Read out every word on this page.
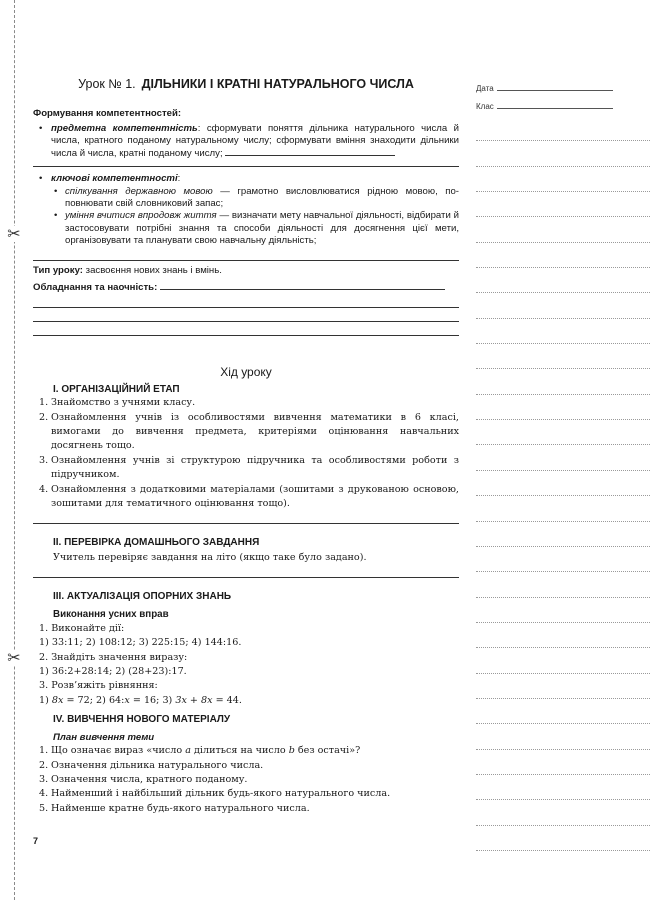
✂
✂
Урок № 1. ДІЛЬНИКИ І КРАТНІ НАТУРАЛЬНОГО ЧИСЛА
Формування компетентностей:
• предметна компетентність: сформувати поняття дільника натурального числа й числа, кратного поданому натуральному числу; сформувати вміння знаходити дільники числа й числа, кратні поданому числу;
• ключові компетентності:
• спілкування державною мовою — грамотно висловлюватися рідною мовою, поповнювати свій словниковий запас;
• уміння вчитися впродовж життя — визначати мету навчальної діяльності, відбирати й застосовувати потрібні знання та способи діяльності для досягнення цієї мети, організовувати та планувати свою навчальну діяльність;
Тип уроку: засвоєння нових знань і вмінь.
Обладнання та наочність:
Хід уроку
I. ОРГАНІЗАЦІЙНИЙ ЕТАП
1. Знайомство з учнями класу.
2. Ознайомлення учнів із особливостями вивчення математики в 6 класі, вимогами до вивчення предмета, критеріями оцінювання навчальних досягнень тощо.
3. Ознайомлення учнів зі структурою підручника та особливостями роботи з підручником.
4. Ознайомлення з додатковими матеріалами (зошитами з друкованою основою, зошитами для тематичного оцінювання тощо).
II. ПЕРЕВІРКА ДОМАШНЬОГО ЗАВДАННЯ
Учитель перевіряє завдання на літо (якщо таке було задано).
III. АКТУАЛІЗАЦІЯ ОПОРНИХ ЗНАНЬ
Виконання усних вправ
1. Виконайте дії:
1) 33:11; 2) 108:12; 3) 225:15; 4) 144:16.
2. Знайдіть значення виразу:
1) 36:2+28:14; 2) (28+23):17.
3. Розв’яжіть рівняння:
1) 8x = 72; 2) 64:x = 16; 3) 3x + 8x = 44.
IV. ВИВЧЕННЯ НОВОГО МАТЕРІАЛУ
План вивчення теми
1. Що означає вираз «число a ділиться на число b без остачі»?
2. Означення дільника натурального числа.
3. Означення числа, кратного поданому.
4. Найменший і найбільший дільник будь-якого натурального числа.
5. Найменше кратне будь-якого натурального числа.
Дата
Клас
7
